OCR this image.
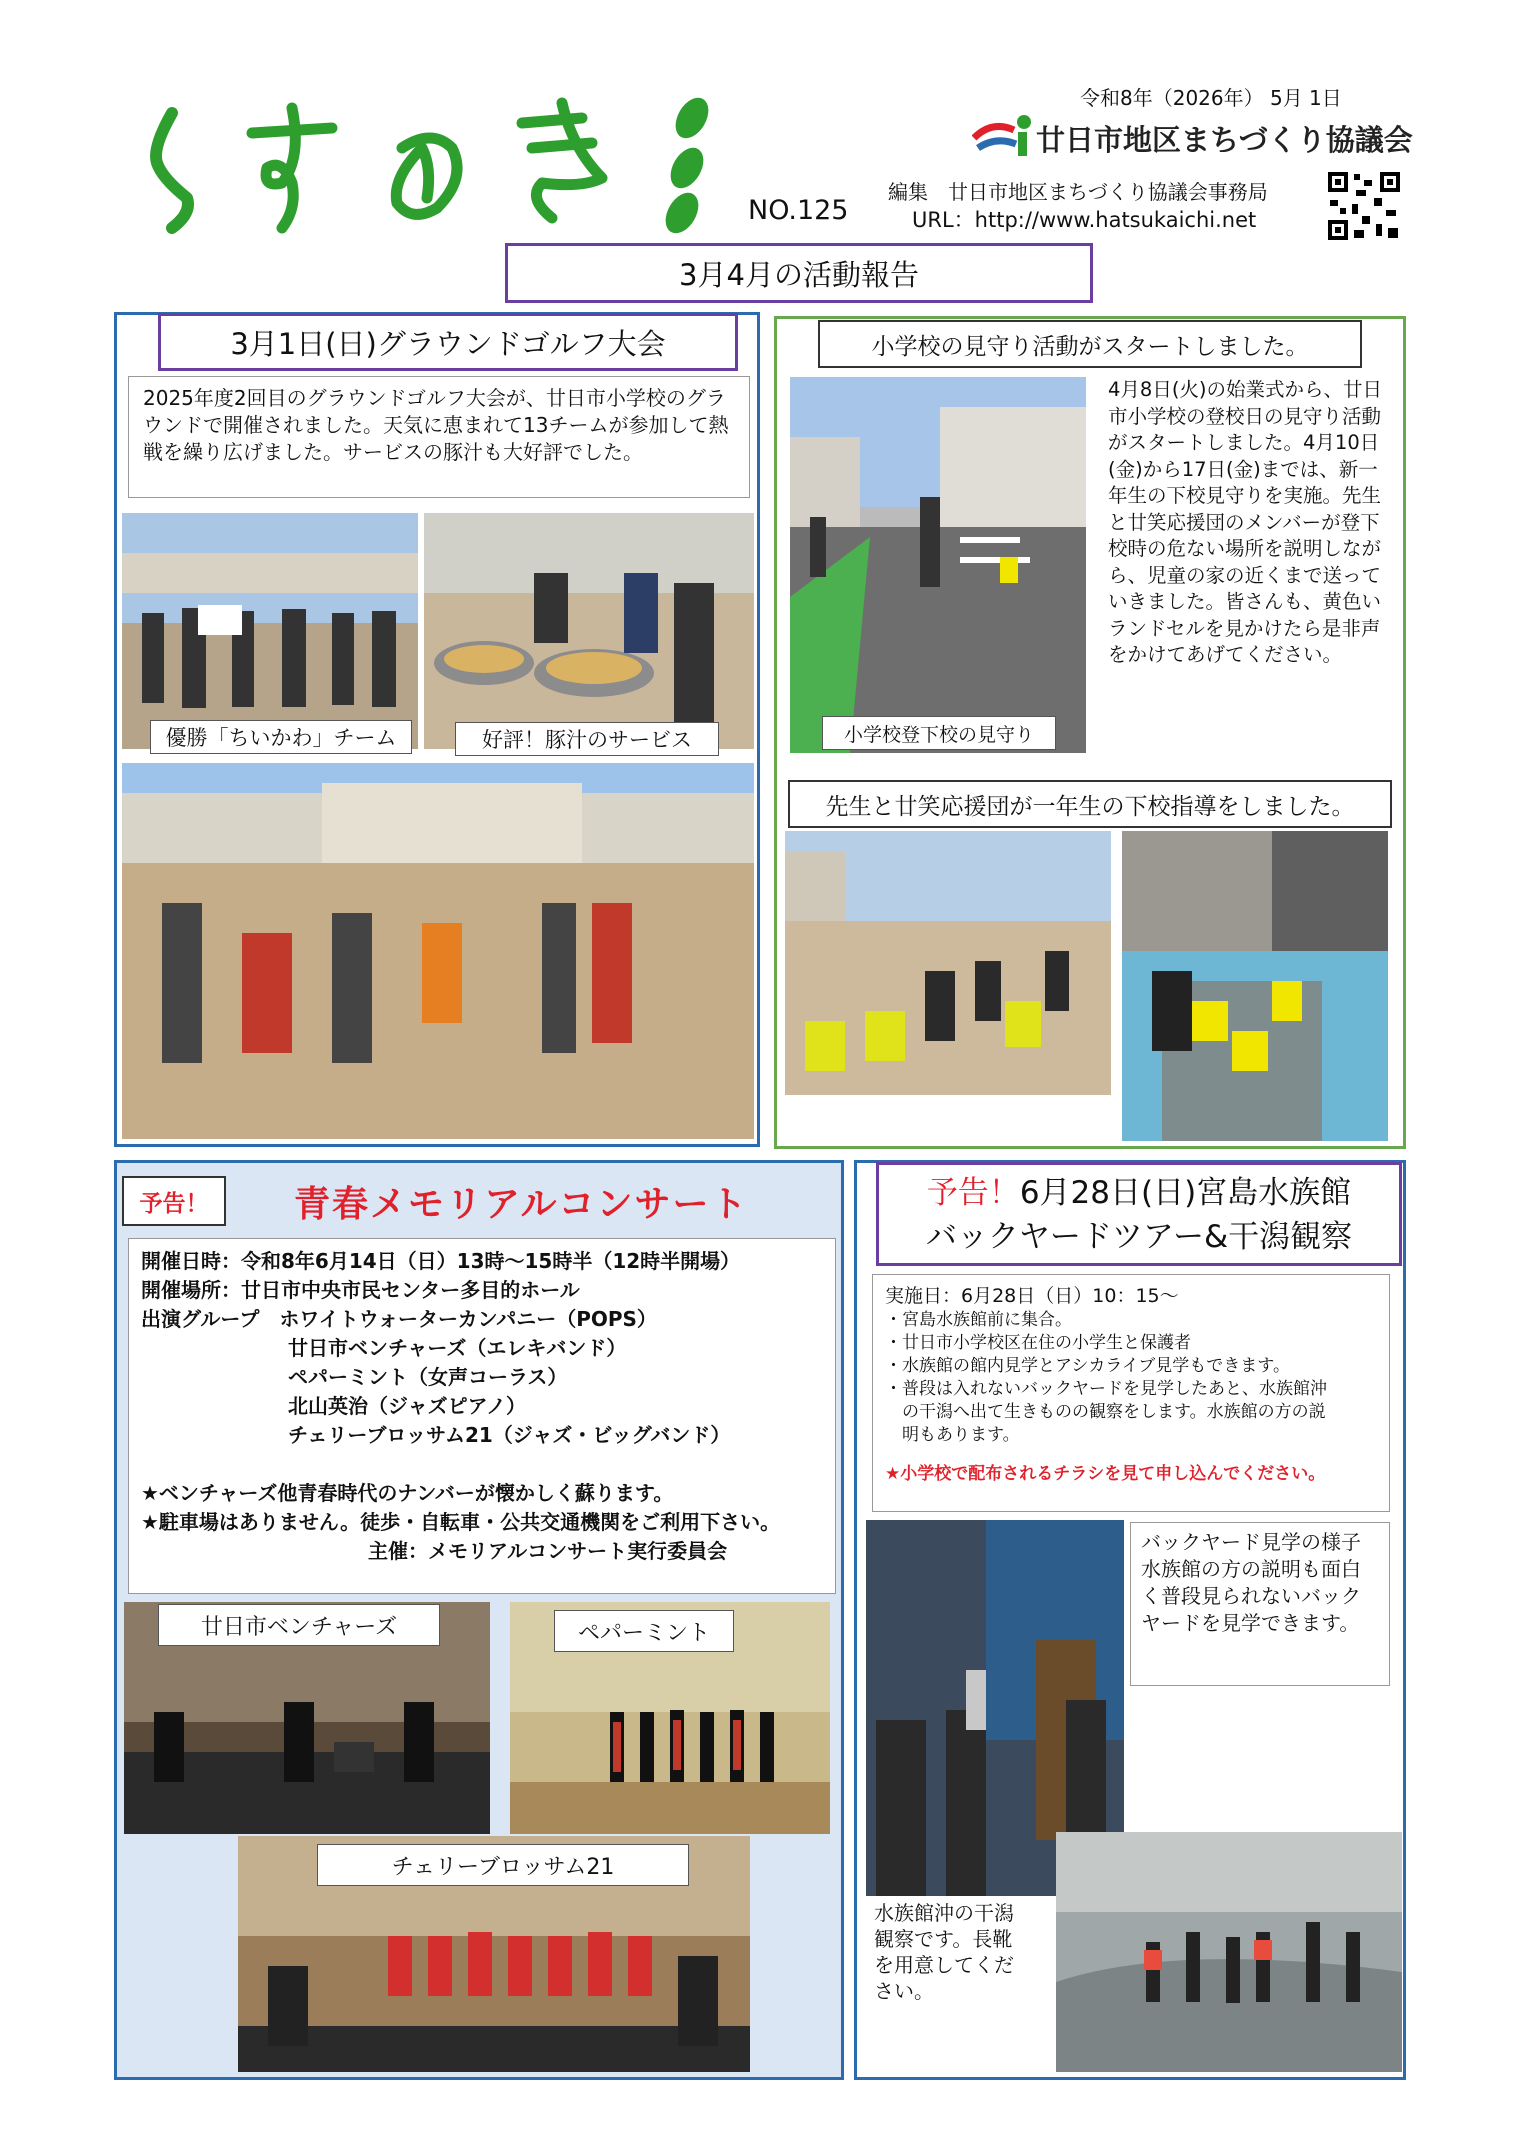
NO.125
令和8年（2026年） 5月 1日
廿日市地区まちづくり協議会
編集　廿日市地区まちづくり協議会事務局
URL：http://www.hatsukaichi.net
3月4月の活動報告
3月1日(日)グラウンドゴルフ大会
2025年度2回目のグラウンドゴルフ大会が、廿日市小学校のグラウンドで開催されました。天気に恵まれて13チームが参加して熱戦を繰り広げました。サービスの豚汁も大好評でした。
優勝「ちいかわ」チーム	好評！豚汁のサービス
小学校の見守り活動がスタートしました。
小学校登下校の見守り
4月8日(火)の始業式から、廿日市小学校の登校日の見守り活動がスタートしました。4月10日(金)から17日(金)までは、新一年生の下校見守りを実施。先生と廿笑応援団のメンバーが登下校時の危ない場所を説明しながら、児童の家の近くまで送っていきました。皆さんも、黄色いランドセルを見かけたら是非声をかけてあげてください。
先生と廿笑応援団が一年生の下校指導をしました。
予告！	青春メモリアルコンサート
開催日時：令和8年6月14日（日）13時～15時半（12時半開場）
開催場所：廿日市中央市民センター多目的ホール
出演グループ　ホワイトウォーターカンパニー（POPS）
　　　　　　　 廿日市ベンチャーズ（エレキバンド）
　　　　　　　 ペパーミント（女声コーラス）
　　　　　　　 北山英治（ジャズピアノ）
　　　　　　　 チェリーブロッサム21（ジャズ・ビッグバンド）
★ベンチャーズ他青春時代のナンバーが懐かしく蘇ります。
★駐車場はありません。徒歩・自転車・公共交通機関をご利用下さい。
　　　　　　　　　　　 主催：メモリアルコンサート実行委員会
廿日市ベンチャーズ	ペパーミント
チェリーブロッサム21
予告！6月28日(日)宮島水族館
バックヤードツアー&干潟観察
実施日：6月28日（日）10：15～
・宮島水族館前に集合。
・廿日市小学校区在住の小学生と保護者
・水族館の館内見学とアシカライブ見学もできます。
・普段は入れないバックヤードを見学したあと、水族館沖
　の干潟へ出て生きものの観察をします。水族館の方の説
　明もあります。
★小学校で配布されるチラシを見て申し込んでください。
バックヤード見学の様子水族館の方の説明も面白く普段見られないバックヤードを見学できます。
水族館沖の干潟観察です。長靴を用意してください。
